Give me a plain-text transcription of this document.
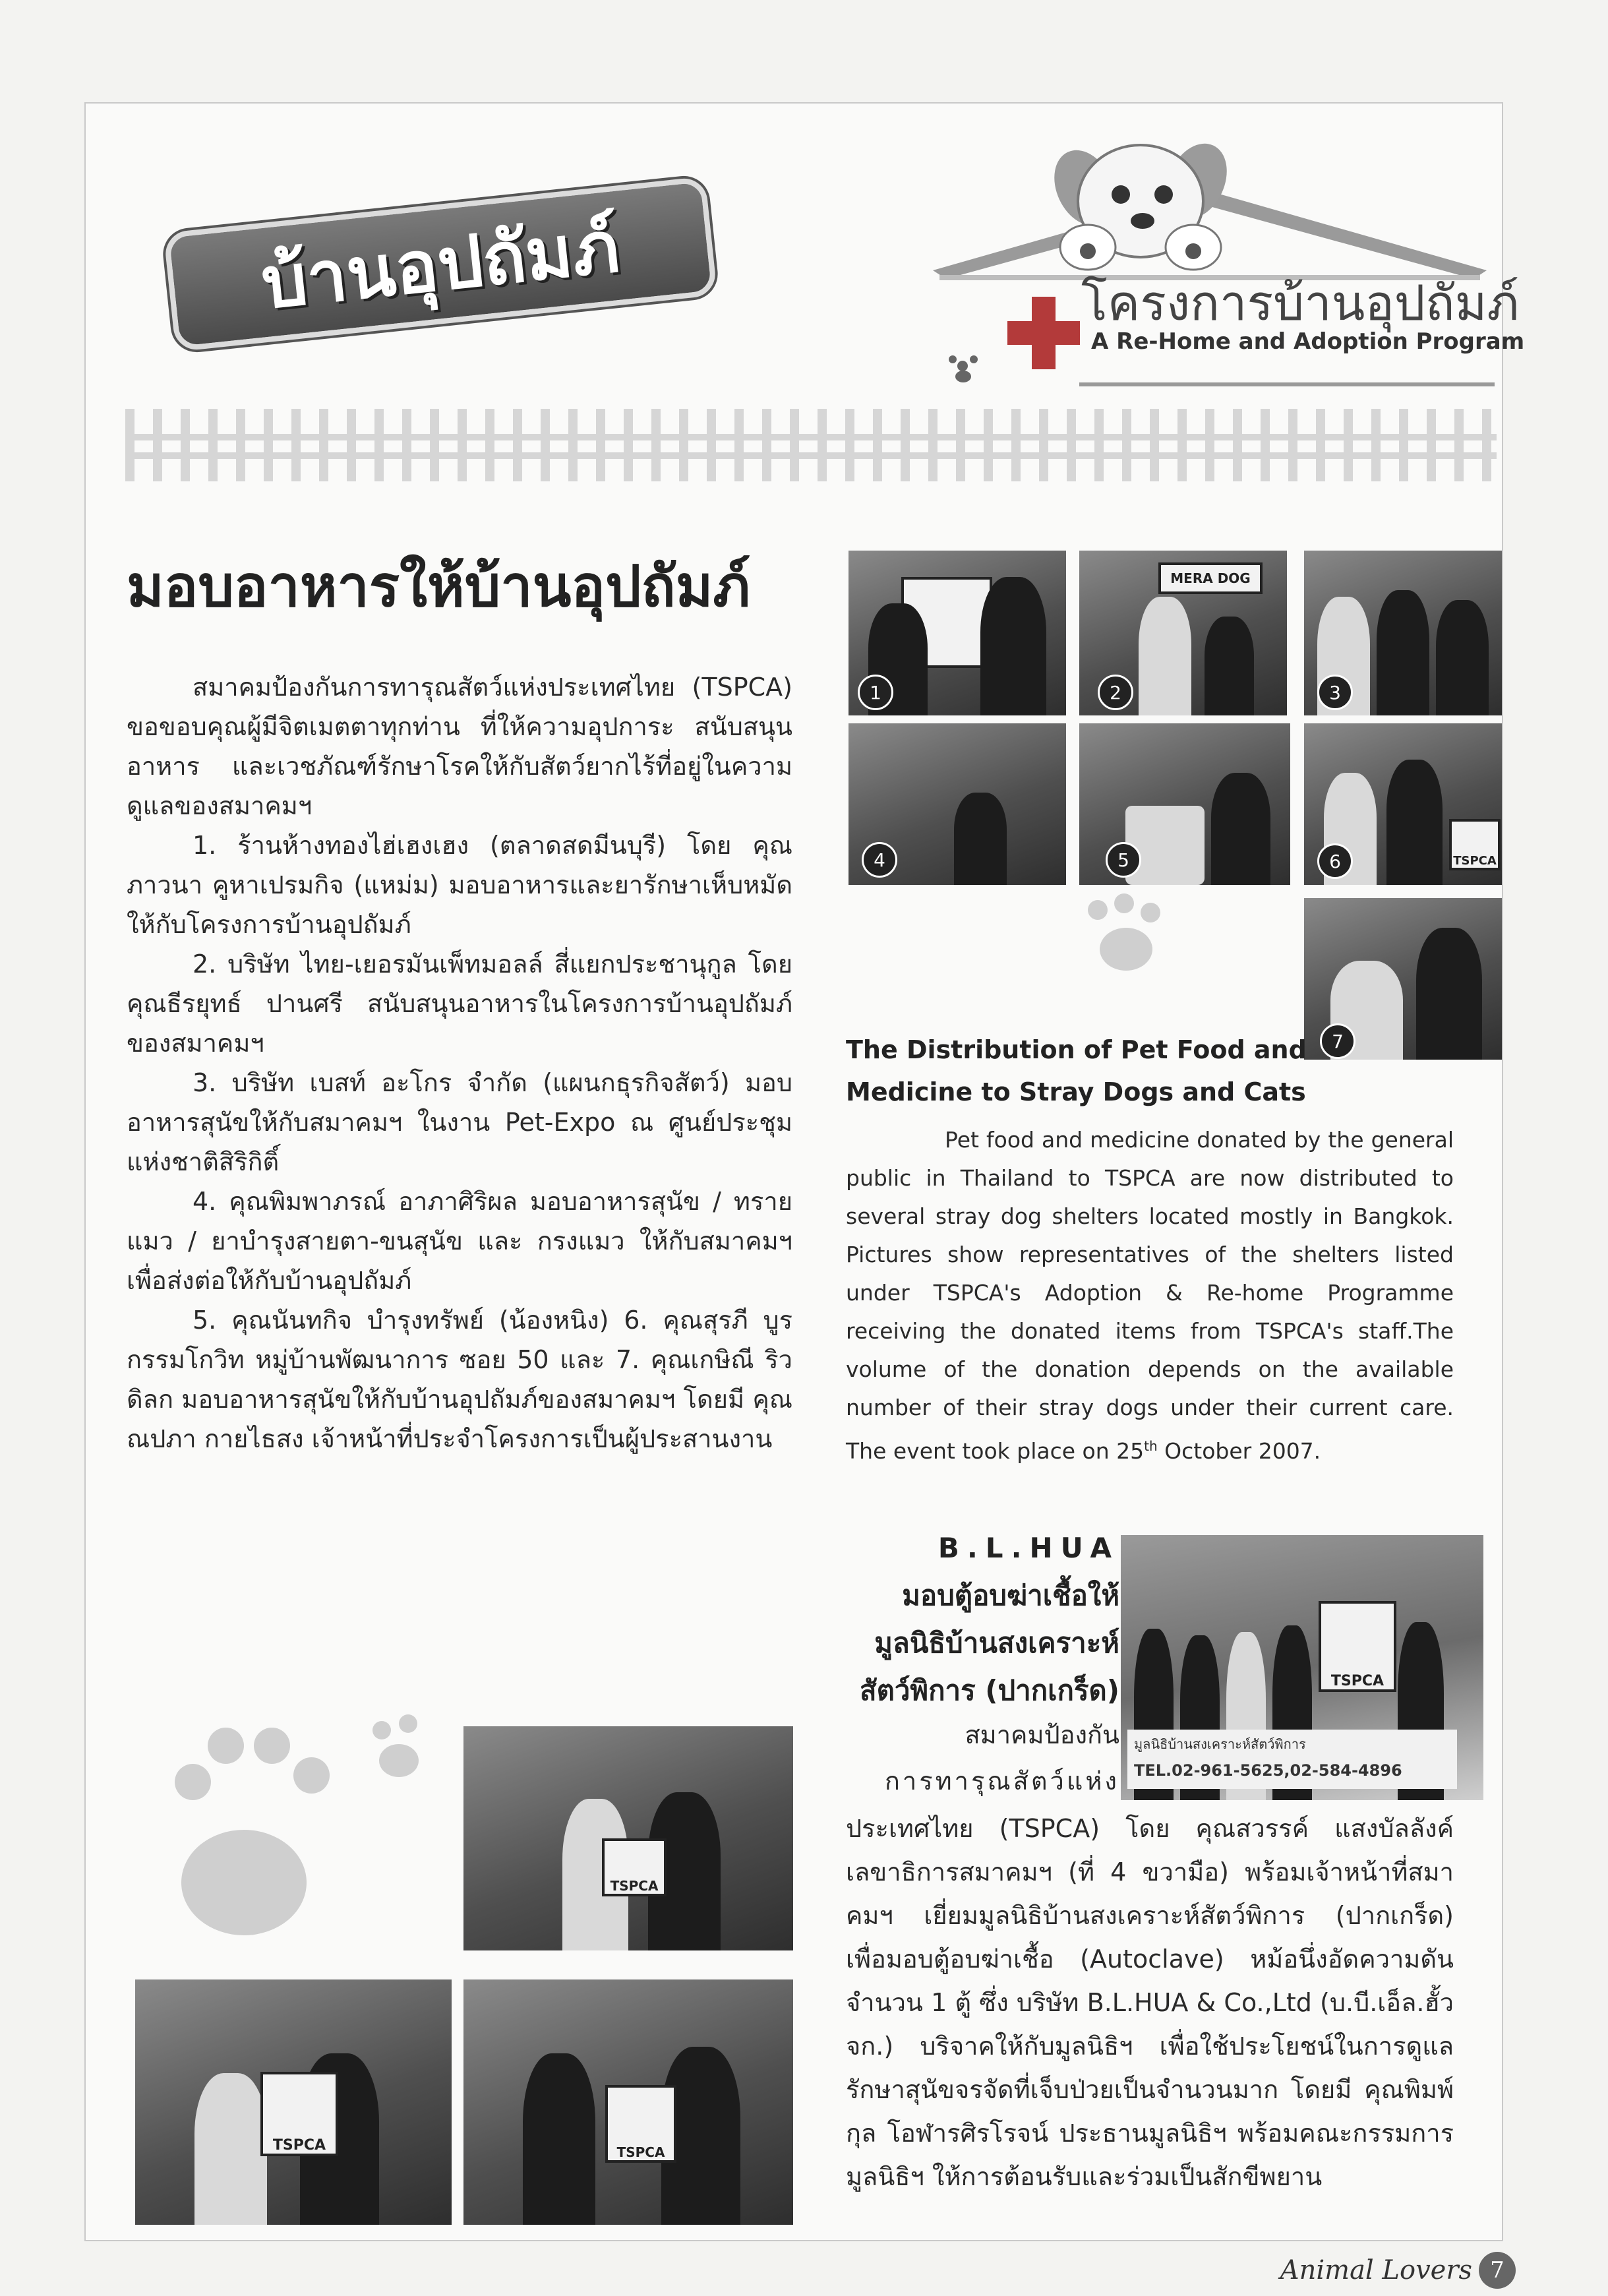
บ้านอุปถัมภ์	โครงการบ้านอุปถัมภ์
A Re-Home and Adoption Program
มอบอาหารให้บ้านอุปถัมภ์

สมาคมป้องกันการทารุณสัตว์แห่งประเทศไทย (TSPCA) ขอขอบคุณผู้มีจิตเมตตาทุกท่าน ที่ให้ความอุปการะ สนับสนุนอาหาร และเวชภัณฑ์รักษาโรคให้กับสัตว์ยากไร้ที่อยู่ในความดูแลของสมาคมฯ

1. ร้านห้างทองไฮ่เฮงเฮง (ตลาดสดมีนบุรี) โดย คุณภาวนา คูหาเปรมกิจ (แหม่ม) มอบอาหารและยารักษาเห็บหมัดให้กับโครงการบ้านอุปถัมภ์

2. บริษัท ไทย-เยอรมันเพ็ทมอลล์ สี่แยกประชานุกูล โดย คุณธีรยุทธ์ ปานศรี สนับสนุนอาหารในโครงการบ้านอุปถัมภ์ของสมาคมฯ

3. บริษัท เบสท์ อะโกร จำกัด (แผนกธุรกิจสัตว์) มอบอาหารสุนัขให้กับสมาคมฯ ในงาน Pet-Expo ณ ศูนย์ประชุมแห่งชาติสิริกิติ์

4. คุณพิมพาภรณ์ อาภาศิริผล มอบอาหารสุนัข / ทรายแมว / ยาบำรุงสายตา-ขนสุนัข และ กรงแมว ให้กับสมาคมฯ เพื่อส่งต่อให้กับบ้านอุปถัมภ์

5. คุณนันทกิจ บำรุงทรัพย์ (น้องหนิง) 6. คุณสุรภี บูรกรรมโกวิท หมู่บ้านพัฒนาการ ซอย 50 และ 7. คุณเกษิณี ริวดิลก มอบอาหารสุนัขให้กับบ้านอุปถัมภ์ของสมาคมฯ โดยมี คุณณปภา กายไธสง เจ้าหน้าที่ประจำโครงการเป็นผู้ประสานงาน

1
MERA DOG
2	3
4	5	TSPCA
6
7
The Distribution of Pet Food and
Medicine to Stray Dogs and Cats

Pet food and medicine donated by the general public in Thailand to TSPCA are now distributed to several stray dog shelters located mostly in Bangkok. Pictures show representatives of the shelters listed under TSPCA's Adoption & Re-home Programme receiving the donated items from TSPCA's staff.The volume of the donation depends on the available number of their stray dogs under their current care. The event took place on 25th October 2007.

B.L.HUA
มอบตู้อบฆ่าเชื้อให้
มูลนิธิบ้านสงเคราะห์
สัตว์พิการ (ปากเกร็ด)
สมาคมป้องกัน
การทารุณสัตว์แห่ง
TSPCA
มูลนิธิบ้านสงเคราะห์สัตว์พิการ
TEL.02-961-5625,02-584-4896

ประเทศไทย (TSPCA) โดย คุณสวรรค์ แสงบัลลังค์ เลขาธิการสมาคมฯ (ที่ 4 ขวามือ) พร้อมเจ้าหน้าที่สมาคมฯ เยี่ยมมูลนิธิบ้านสงเคราะห์สัตว์พิการ (ปากเกร็ด) เพื่อมอบตู้อบฆ่าเชื้อ (Autoclave) หม้อนึ่งอัดความดัน จำนวน 1 ตู้ ซึ่ง บริษัท B.L.HUA & Co.,Ltd (บ.บี.เอ็ล.ฮั้ว จก.) บริจาคให้กับมูลนิธิฯ เพื่อใช้ประโยชน์ในการดูแล รักษาสุนัขจรจัดที่เจ็บป่วยเป็นจำนวนมาก โดยมี คุณพิมพ์กุล โอฬารศิรโรจน์ ประธานมูลนิธิฯ พร้อมคณะกรรมการมูลนิธิฯ ให้การต้อนรับและร่วมเป็นสักขีพยาน

TSPCA
TSPCA	TSPCA
Animal Lovers 7
